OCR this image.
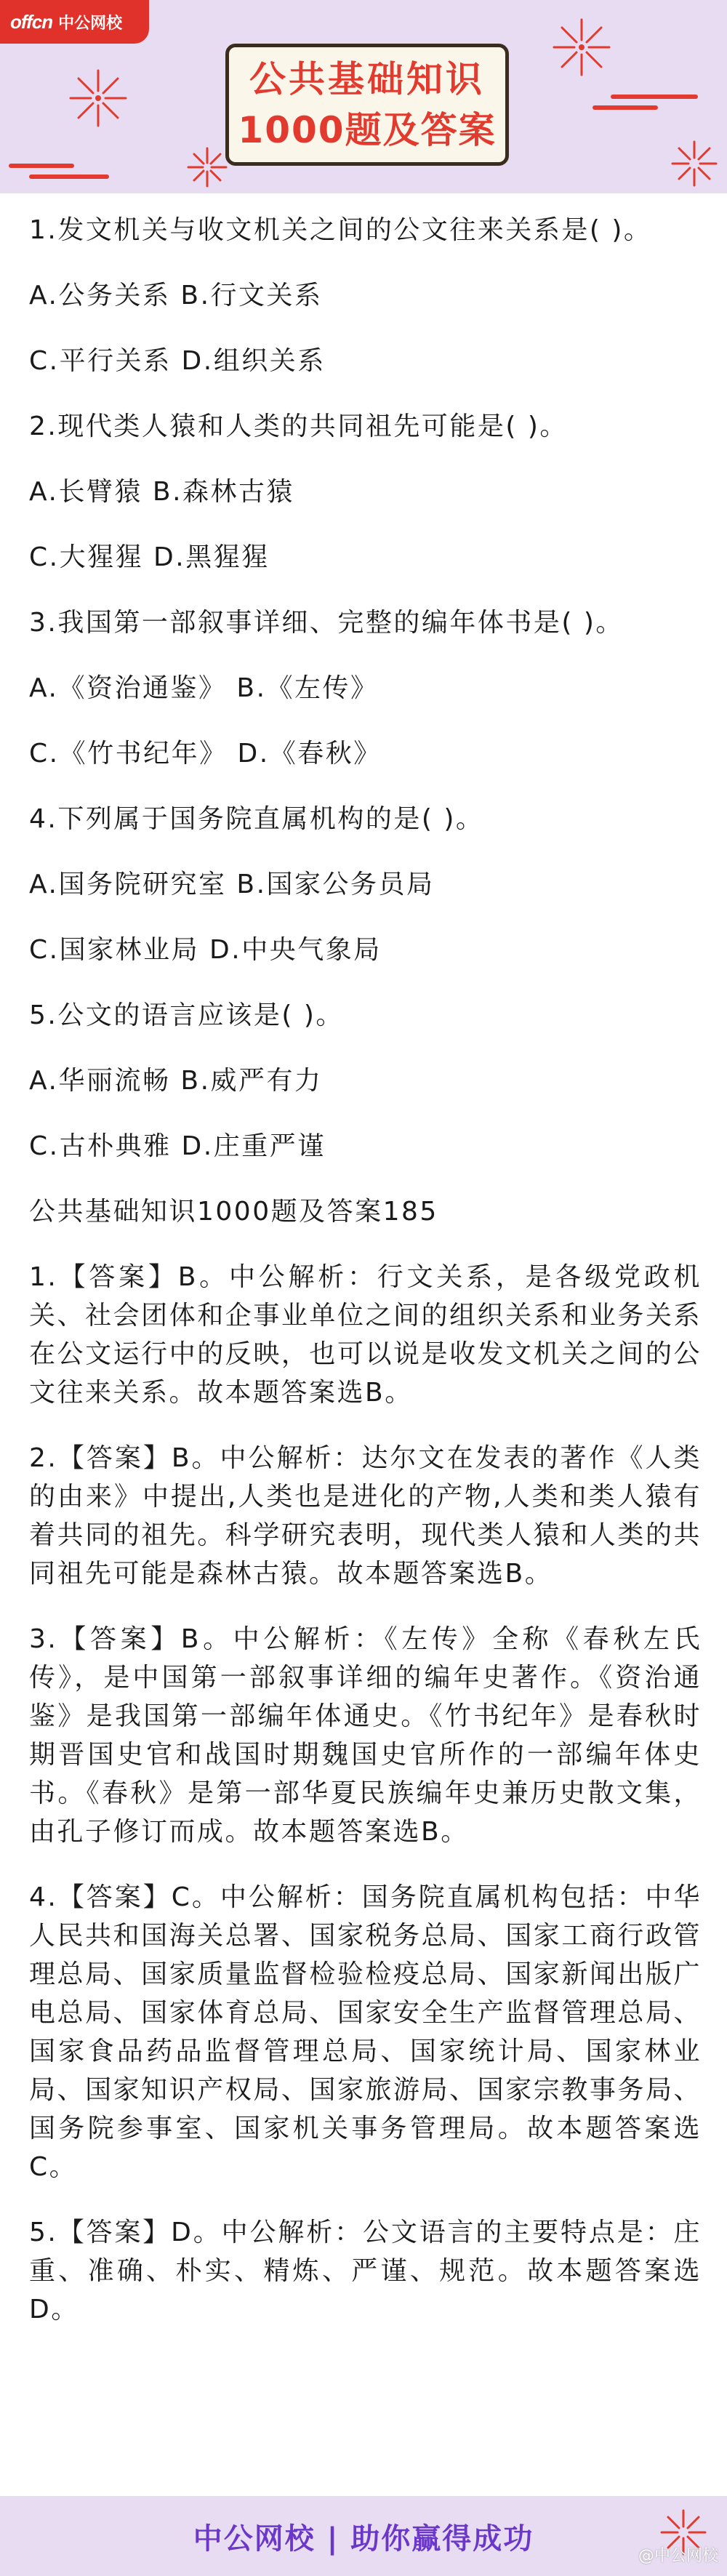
offcn 中公网校
公共基础知识
1000题及答案

1.发文机关与收文机关之间的公文往来关系是( )。

A.公务关系 B.行文关系

C.平行关系 D.组织关系

2.现代类人猿和人类的共同祖先可能是( )。

A.长臂猿 B.森林古猿

C.大猩猩 D.黑猩猩

3.我国第一部叙事详细、完整的编年体书是( )。

A.《资治通鉴》 B.《左传》

C.《竹书纪年》 D.《春秋》

4.下列属于国务院直属机构的是( )。

A.国务院研究室 B.国家公务员局

C.国家林业局 D.中央气象局

5.公文的语言应该是( )。

A.华丽流畅 B.威严有力

C.古朴典雅 D.庄重严谨

公共基础知识1000题及答案185

1.【答案】B。中公解析：行文关系，是各级党政机关、社会团体和企事业单位之间的组织关系和业务关系在公文运行中的反映，也可以说是收发文机关之间的公文往来关系。故本题答案选B。

2.【答案】B。中公解析：达尔文在发表的著作《人类的由来》中提出,人类也是进化的产物,人类和类人猿有着共同的祖先。科学研究表明，现代类人猿和人类的共同祖先可能是森林古猿。故本题答案选B。

3.【答案】B。中公解析：《左传》全称《春秋左氏传》，是中国第一部叙事详细的编年史著作。《资治通鉴》是我国第一部编年体通史。《竹书纪年》是春秋时期晋国史官和战国时期魏国史官所作的一部编年体史书。《春秋》是第一部华夏民族编年史兼历史散文集，由孔子修订而成。故本题答案选B。

4.【答案】C。中公解析：国务院直属机构包括：中华人民共和国海关总署、国家税务总局、国家工商行政管理总局、国家质量监督检验检疫总局、国家新闻出版广电总局、国家体育总局、国家安全生产监督管理总局、国家食品药品监督管理总局、国家统计局、国家林业局、国家知识产权局、国家旅游局、国家宗教事务局、国务院参事室、国家机关事务管理局。故本题答案选C。

5.【答案】D。中公解析：公文语言的主要特点是：庄重、准确、朴实、精炼、严谨、规范。故本题答案选D。

中公网校 | 助你赢得成功
@中公网校
